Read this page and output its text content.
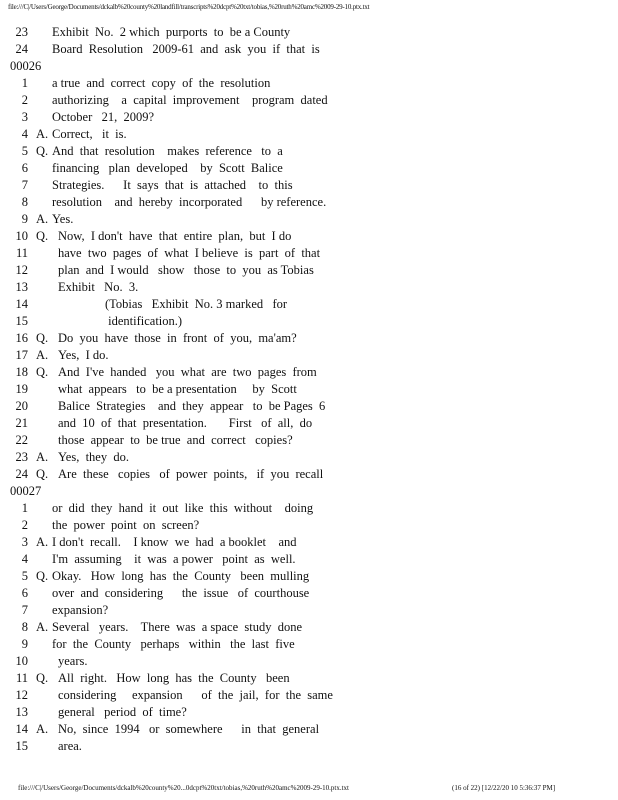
file:///C|/Users/George/Documents/dckalb%20county%20landfill/transcripts%20dcpt%20txt/tobias,%20ruth%20amc%2009-29-10.ptx.txt
23 Exhibit  No.  2 which  purports  to  be a County
24 Board  Resolution   2009-61  and  ask  you  if  that  is
00026
1 a true  and  correct  copy  of  the  resolution
2 authorizing    a  capital  improvement    program  dated
3 October   21,  2009?
4 A. Correct,   it  is.
5 Q. And  that  resolution    makes  reference   to  a
6 financing   plan  developed    by  Scott  Balice
7 Strategies.      It  says  that  is  attached    to  this
8 resolution    and  hereby  incorporated      by reference.
9 A. Yes.
10 Q. Now,  I don't  have  that  entire  plan,  but  I do
11 have  two  pages  of  what  I believe  is  part  of  that
12 plan  and  I would   show   those  to  you  as Tobias
13 Exhibit   No.  3.
14	(Tobias   Exhibit  No. 3 marked   for
15	identification.)
16 Q. Do  you  have  those  in  front  of  you,  ma'am?
17 A. Yes,  I do.
18 Q. And  I've  handed   you  what  are  two  pages  from
19 what  appears   to  be a presentation     by  Scott
20 Balice  Strategies    and  they  appear   to  be Pages  6
21 and  10  of  that  presentation.       First   of  all,  do
22 those  appear  to  be true  and  correct   copies?
23 A. Yes,  they  do.
24 Q. Are  these   copies   of  power  points,   if  you  recall
00027
1 or  did  they  hand  it  out  like  this  without    doing
2 the  power  point  on  screen?
3 A. I don't  recall.    I know  we  had  a booklet    and
4 I'm  assuming    it  was  a power   point  as  well.
5 Q. Okay.   How  long  has  the  County   been  mulling
6 over  and  considering      the  issue   of  courthouse
7 expansion?
8 A. Several   years.    There  was  a space  study  done
9 for  the  County   perhaps   within   the  last  five
10 years.
11 Q. All  right.   How  long  has  the  County   been
12 considering     expansion      of  the  jail,  for  the  same
13 general   period  of  time?
14 A. No,  since  1994   or  somewhere      in  that  general
15 area.
file:///C|/Users/George/Documents/dckalb%20county%20...0dcpt%20txt/tobias,%20ruth%20amc%2009-29-10.ptx.txt	(16 of 22) [12/22/20 10 5:36:37 PM]
